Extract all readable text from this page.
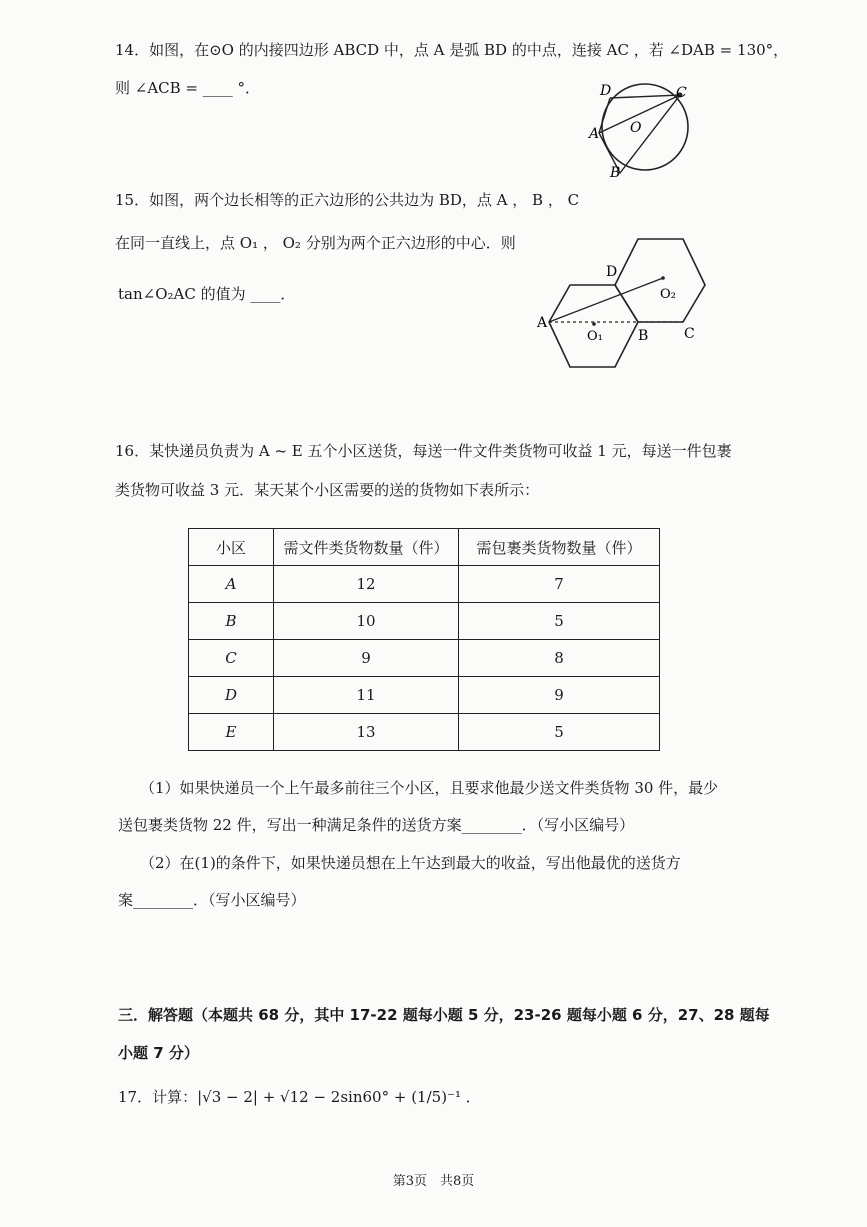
14．如图，在⊙O 的内接四边形 ABCD 中，点 A 是弧 BD 的中点，连接 AC ，若 ∠DAB = 130°，
则 ∠ACB = ____ °．	D	C
A O
B
15．如图，两个边长相等的正六边形的公共边为 BD，点 A ， B ， C
在同一直线上，点 O₁ ， O₂ 分别为两个正六边形的中心．则
tan∠O₂AC 的值为 ____．
A
D
B	C
O₁
O₂
16．某快递员负责为 A ~ E 五个小区送货，每送一件文件类货物可收益 1 元，每送一件包裹
类货物可收益 3 元．某天某个小区需要的送的货物如下表所示：
小区	需文件类货物数量（件）	需包裹类货物数量（件）
A	12	7
B	10	5
C	9	8
D	11	9
E	13	5
（1）如果快递员一个上午最多前往三个小区，且要求他最少送文件类货物 30 件，最少
送包裹类货物 22 件，写出一种满足条件的送货方案________．（写小区编号）
（2）在(1)的条件下，如果快递员想在上午达到最大的收益，写出他最优的送货方
案________．（写小区编号）
三．解答题（本题共 68 分，其中 17-22 题每小题 5 分，23-26 题每小题 6 分，27、28 题每
小题 7 分）
17．计算：|√3 − 2| + √12 − 2sin60° + (1/5)⁻¹ ．
第3页　共8页
